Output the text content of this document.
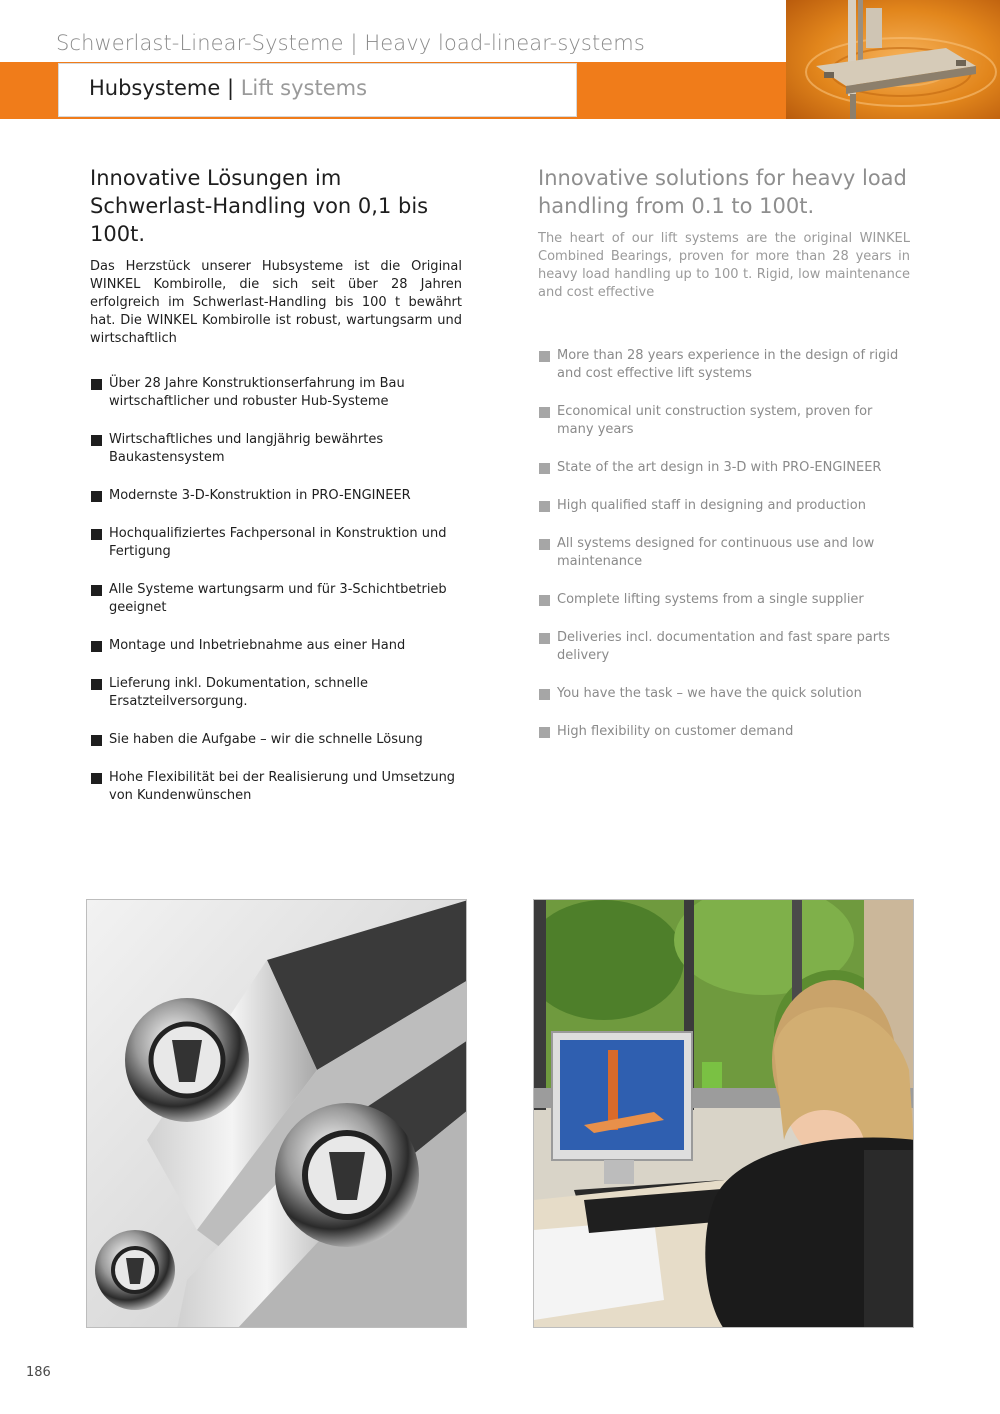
Schwerlast-Linear-Systeme | Heavy load-linear-systems
Hubsysteme | Lift systems
Innovative Lösungen im Schwerlast-Handling von 0,1 bis 100t.

Das Herzstück unserer Hubsysteme ist die Original WINKEL Kombirolle, die sich seit über 28 Jahren erfolgreich im Schwerlast-Handling bis 100 t bewährt hat. Die WINKEL Kombirolle ist robust, wartungsarm und wirtschaftlich

Über 28 Jahre Konstruktionserfahrung im Bau wirtschaftlicher und robuster Hub-Systeme
Wirtschaftliches und langjährig bewährtes Baukastensystem
Modernste 3-D-Konstruktion in PRO-ENGINEER
Hochqualifiziertes Fachpersonal in Konstruktion und Fertigung
Alle Systeme wartungsarm und für 3-Schichtbetrieb geeignet
Montage und Inbetriebnahme aus einer Hand
Lieferung inkl. Dokumentation, schnelle Ersatzteilversorgung.
Sie haben die Aufgabe – wir die schnelle Lösung
Hohe Flexibilität bei der Realisierung und Umsetzung von Kundenwünschen
Innovative solutions for heavy load handling from 0.1 to 100t.

The heart of our lift systems are the original WINKEL Combined Bearings, proven for more than 28 years in heavy load handling up to 100 t. Rigid, low maintenance and cost effective

More than 28 years experience in the design of rigid and cost effective lift systems
Economical unit construction system, proven for many years
State of the art design in 3-D with PRO-ENGINEER
High qualified staff in designing and production
All systems designed for continuous use and low maintenance
Complete lifting systems from a single supplier
Deliveries incl. documentation and fast spare parts delivery
You have the task – we have the quick solution
High flexibility on customer demand
186
